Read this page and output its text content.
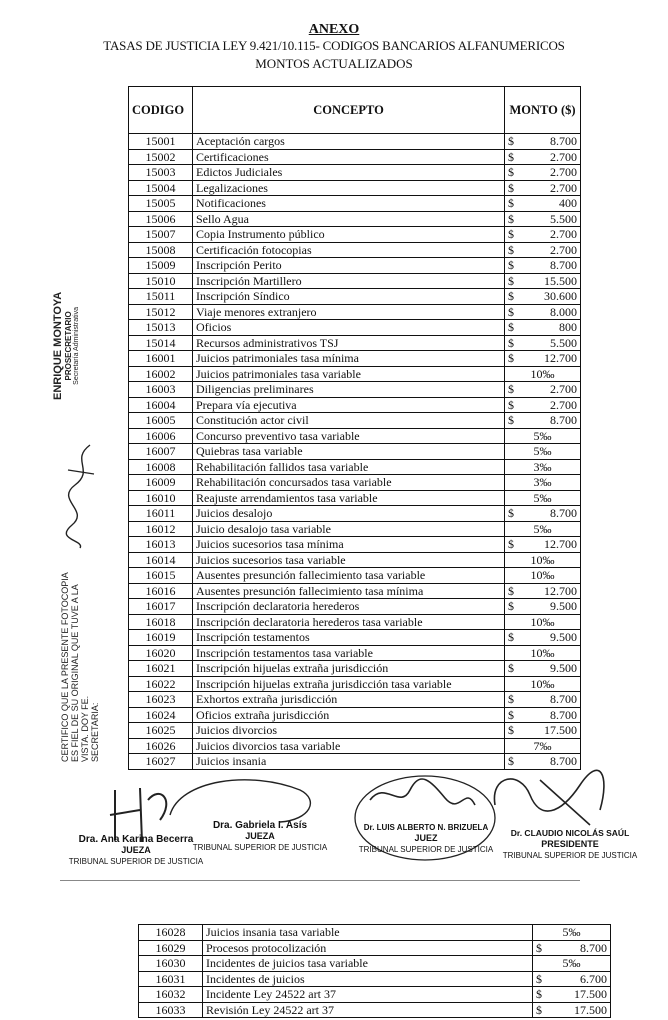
ANEXO
TASAS DE JUSTICIA LEY 9.421/10.115- CODIGOS BANCARIOS ALFANUMERICOS
MONTOS ACTUALIZADOS
CODIGO	CONCEPTO	MONTO ($)
15001	Aceptación cargos	$ 8.700

15002	Certificaciones	$ 2.700

15003	Edictos Judiciales	$ 2.700

15004	Legalizaciones	$ 2.700

15005	Notificaciones	$ 400

15006	Sello Agua	$ 5.500

15007	Copia Instrumento público	$ 2.700

15008	Certificación fotocopias	$ 2.700

15009	Inscripción Perito	$ 8.700

15010	Inscripción Martillero	$ 15.500

15011	Inscripción Síndico	$ 30.600

15012	Viaje menores extranjero	$ 8.000

15013	Oficios	$ 800

15014	Recursos administrativos TSJ	$ 5.500

16001	Juicios patrimoniales tasa mínima	$ 12.700

16002	Juicios patrimoniales tasa variable	10‰

16003	Diligencias preliminares	$ 2.700

16004	Prepara vía ejecutiva	$ 2.700

16005	Constitución actor civil	$ 8.700

16006	Concurso preventivo tasa variable	5‰

16007	Quiebras tasa variable	5‰

16008	Rehabilitación fallidos tasa variable	3‰

16009	Rehabilitación concursados tasa variable	3‰

16010	Reajuste arrendamientos tasa variable	5‰

16011	Juicios desalojo	$ 8.700

16012	Juicio desalojo tasa variable	5‰

16013	Juicios sucesorios tasa mínima	$ 12.700

16014	Juicios sucesorios tasa variable	10‰

16015	Ausentes presunción fallecimiento tasa variable	10‰

16016	Ausentes presunción fallecimiento tasa mínima	$ 12.700

16017	Inscripción declaratoria herederos	$ 9.500

16018	Inscripción declaratoria herederos tasa variable	10‰

16019	Inscripción testamentos	$ 9.500

16020	Inscripción testamentos tasa variable	10‰

16021	Inscripción hijuelas extraña jurisdicción	$ 9.500

16022	Inscripción hijuelas extraña jurisdicción tasa variable	10‰

16023	Exhortos extraña jurisdicción	$ 8.700

16024	Oficios extraña jurisdicción	$ 8.700

16025	Juicios divorcios	$ 17.500

16026	Juicios divorcios tasa variable	7‰

16027	Juicios insania	$ 8.700
ENRIQUE MONTOYA PROSECRETARIO Secretaría Administrativa
CERTIFICO QUE LA PRESENTE FOTOCOPIA ES FIEL DE SU ORIGINAL QUE TUVE A LA VISTA. DOY FE. SECRETARIA:
Dra. Ana Karina Becerra
JUEZA
TRIBUNAL SUPERIOR DE JUSTICIA
Dra. Gabriela I. Asís
JUEZA
TRIBUNAL SUPERIOR DE JUSTICIA
Dr. LUIS ALBERTO N. BRIZUELA
JUEZ
TRIBUNAL SUPERIOR DE JUSTICIA
Dr. CLAUDIO NICOLÁS SAÚL
PRESIDENTE
TRIBUNAL SUPERIOR DE JUSTICIA
16028	Juicios insania tasa variable	5‰

16029	Procesos protocolización	$ 8.700

16030	Incidentes de juicios tasa variable	5‰

16031	Incidentes de juicios	$ 6.700

16032	Incidente Ley 24522 art 37	$ 17.500

16033	Revisión Ley 24522 art 37	$ 17.500
